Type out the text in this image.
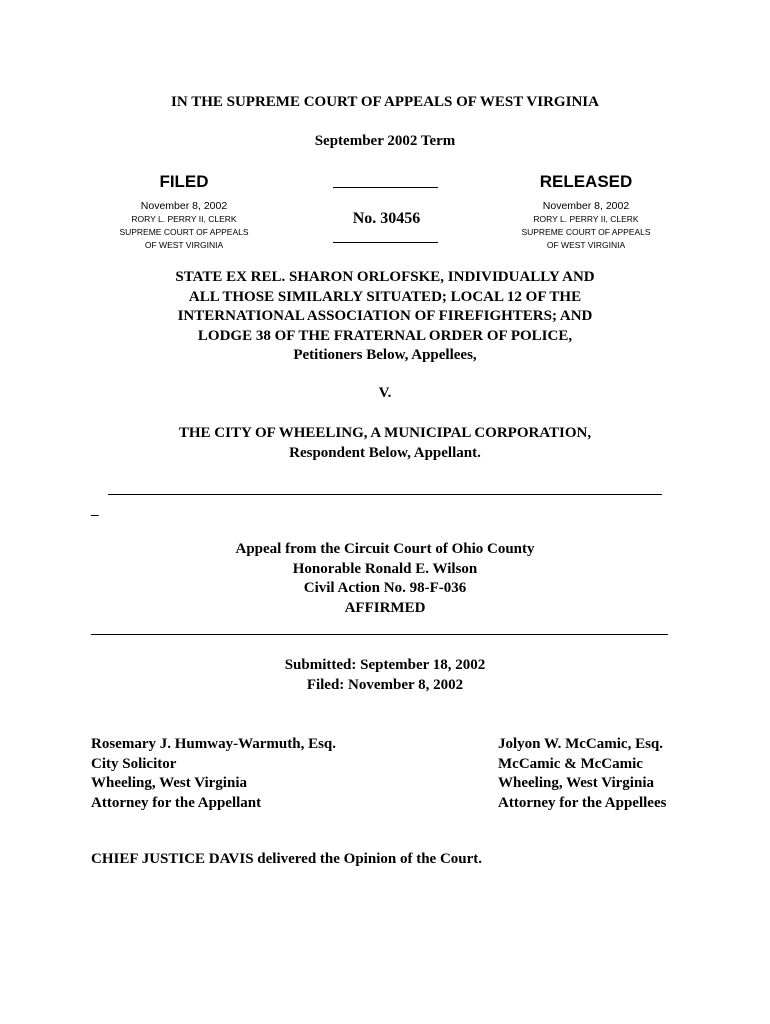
IN THE SUPREME COURT OF APPEALS OF WEST VIRGINIA
September 2002 Term
FILED
November 8, 2002
RORY L. PERRY II, CLERK
SUPREME COURT OF APPEALS
OF WEST VIRGINIA
No. 30456
RELEASED
November 8, 2002
RORY L. PERRY II, CLERK
SUPREME COURT OF APPEALS
OF WEST VIRGINIA
STATE EX REL. SHARON ORLOFSKE, INDIVIDUALLY AND
ALL THOSE SIMILARLY SITUATED; LOCAL 12 OF THE
INTERNATIONAL ASSOCIATION OF FIREFIGHTERS; AND
LODGE 38 OF THE FRATERNAL ORDER OF POLICE,
Petitioners Below, Appellees,
V.
THE CITY OF WHEELING, A MUNICIPAL CORPORATION,
Respondent Below, Appellant.
_
Appeal from the Circuit Court of Ohio County
Honorable Ronald E. Wilson
Civil Action No. 98-F-036
AFFIRMED
Submitted: September 18, 2002
Filed: November 8, 2002
Rosemary J. Humway-Warmuth, Esq.
City Solicitor
Wheeling, West Virginia
Attorney for the Appellant
Jolyon W. McCamic, Esq.
McCamic & McCamic
Wheeling, West Virginia
Attorney for the Appellees
CHIEF JUSTICE DAVIS delivered the Opinion of the Court.
